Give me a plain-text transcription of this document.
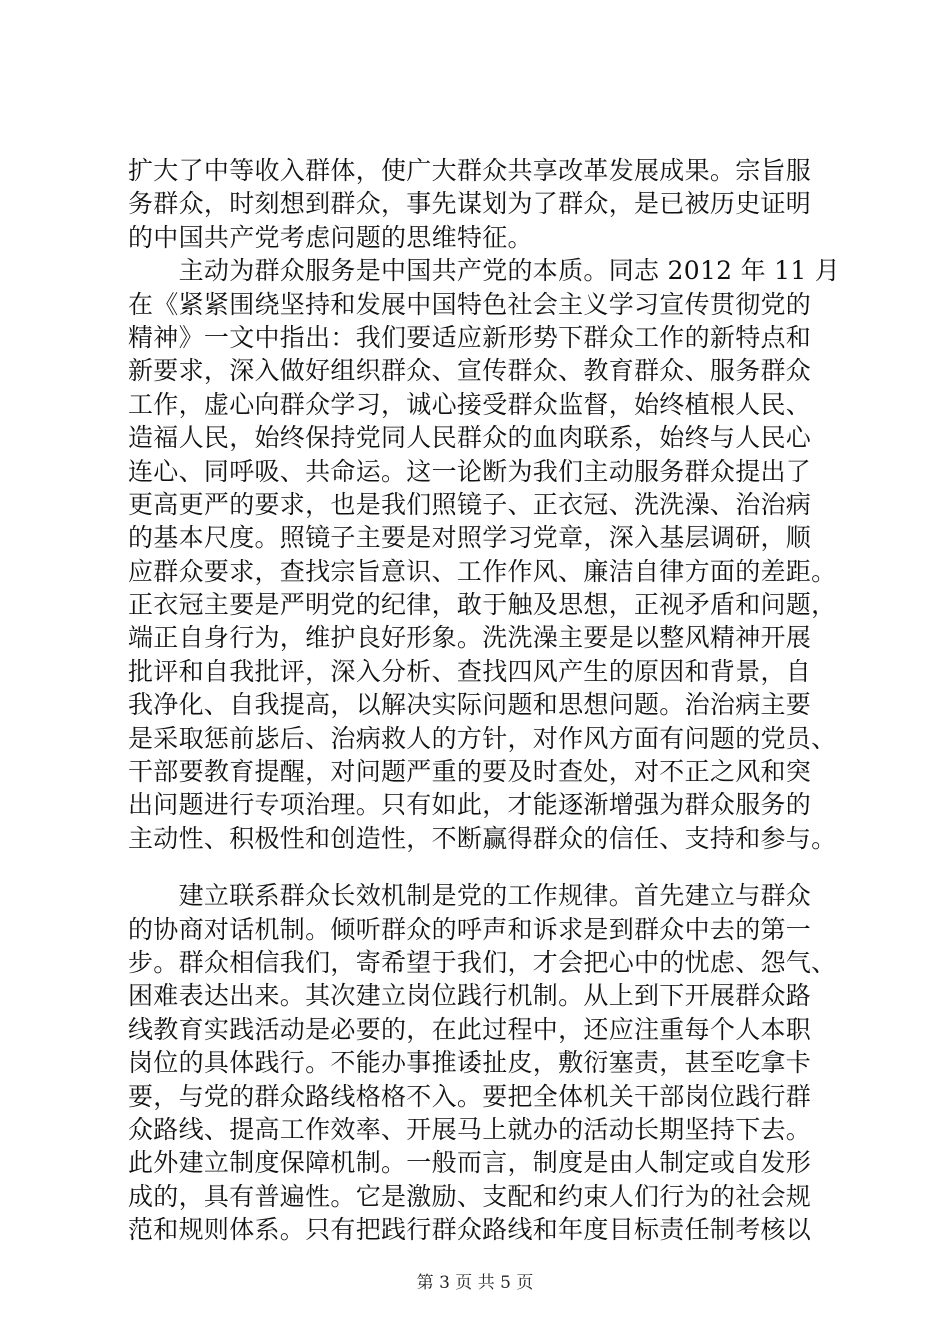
扩大了中等收入群体，使广大群众共享改革发展成果。宗旨服
务群众，时刻想到群众，事先谋划为了群众，是已被历史证明
的中国共产党考虑问题的思维特征。
　　主动为群众服务是中国共产党的本质。同志 2012 年 11 月
在《紧紧围绕坚持和发展中国特色社会主义学习宣传贯彻党的
精神》一文中指出：我们要适应新形势下群众工作的新特点和
新要求，深入做好组织群众、宣传群众、教育群众、服务群众
工作，虚心向群众学习，诚心接受群众监督，始终植根人民、
造福人民，始终保持党同人民群众的血肉联系，始终与人民心
连心、同呼吸、共命运。这一论断为我们主动服务群众提出了
更高更严的要求，也是我们照镜子、正衣冠、洗洗澡、治治病
的基本尺度。照镜子主要是对照学习党章，深入基层调研，顺
应群众要求，查找宗旨意识、工作作风、廉洁自律方面的差距。
正衣冠主要是严明党的纪律，敢于触及思想，正视矛盾和问题，
端正自身行为，维护良好形象。洗洗澡主要是以整风精神开展
批评和自我批评，深入分析、查找四风产生的原因和背景，自
我净化、自我提高，以解决实际问题和思想问题。治治病主要
是采取惩前毖后、治病救人的方针，对作风方面有问题的党员、
干部要教育提醒，对问题严重的要及时查处，对不正之风和突
出问题进行专项治理。只有如此，才能逐渐增强为群众服务的
主动性、积极性和创造性，不断赢得群众的信任、支持和参与。
　　建立联系群众长效机制是党的工作规律。首先建立与群众
的协商对话机制。倾听群众的呼声和诉求是到群众中去的第一
步。群众相信我们，寄希望于我们，才会把心中的忧虑、怨气、
困难表达出来。其次建立岗位践行机制。从上到下开展群众路
线教育实践活动是必要的，在此过程中，还应注重每个人本职
岗位的具体践行。不能办事推诿扯皮，敷衍塞责，甚至吃拿卡
要，与党的群众路线格格不入。要把全体机关干部岗位践行群
众路线、提高工作效率、开展马上就办的活动长期坚持下去。
此外建立制度保障机制。一般而言，制度是由人制定或自发形
成的，具有普遍性。它是激励、支配和约束人们行为的社会规
范和规则体系。只有把践行群众路线和年度目标责任制考核以
第 3 页 共 5 页
